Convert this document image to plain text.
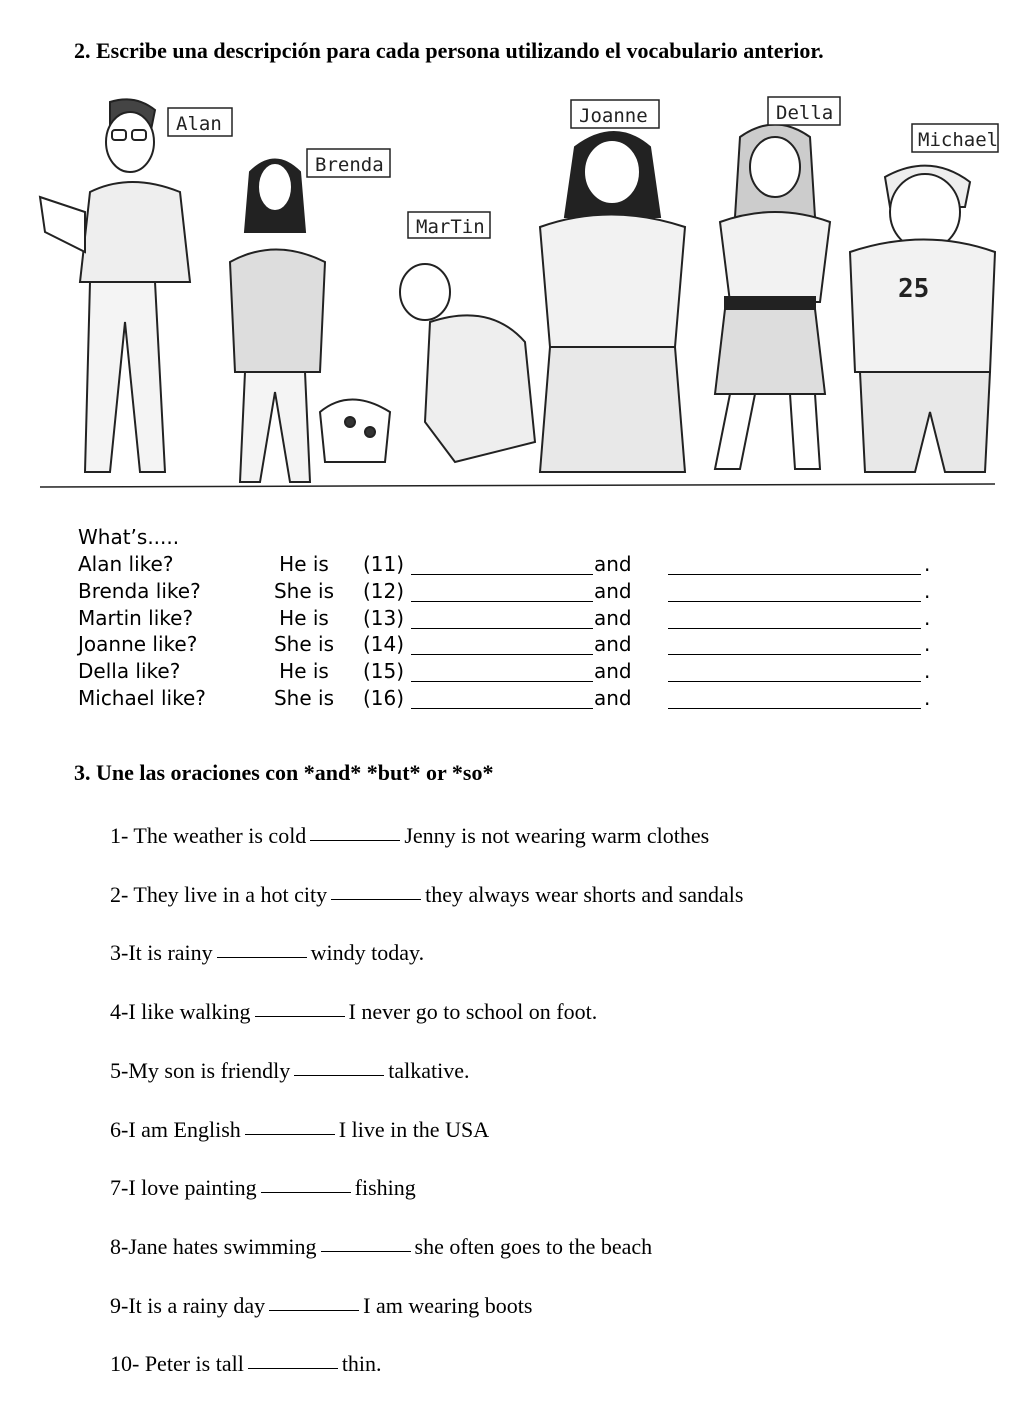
2. Escribe una descripción para cada persona utilizando el vocabulario anterior.
Alan
Brenda
MarTin
Joanne	Della
Michael
25
What’s.....
Alan like?	He is	(11)	and	.
Brenda like?	She is	(12)	and	.
Martin like?	He is	(13)	and	.
Joanne like?	She is	(14)	and	.
Della like?	He is	(15)	and	.
Michael like?	She is	(16)	and	.
3. Une las oraciones con *and* *but* or *so*
1- The weather is cold	Jenny is not wearing warm clothes
2- They live in a hot city	they always wear shorts and sandals
3-It is rainy	windy today.
4-I like walking	I never go to school on foot.
5-My son is friendly	talkative.
6-I am English	I live in the USA
7-I love painting	fishing
8-Jane hates swimming	she often goes to the beach
9-It is a rainy day	I am wearing boots
10- Peter is tall	thin.
